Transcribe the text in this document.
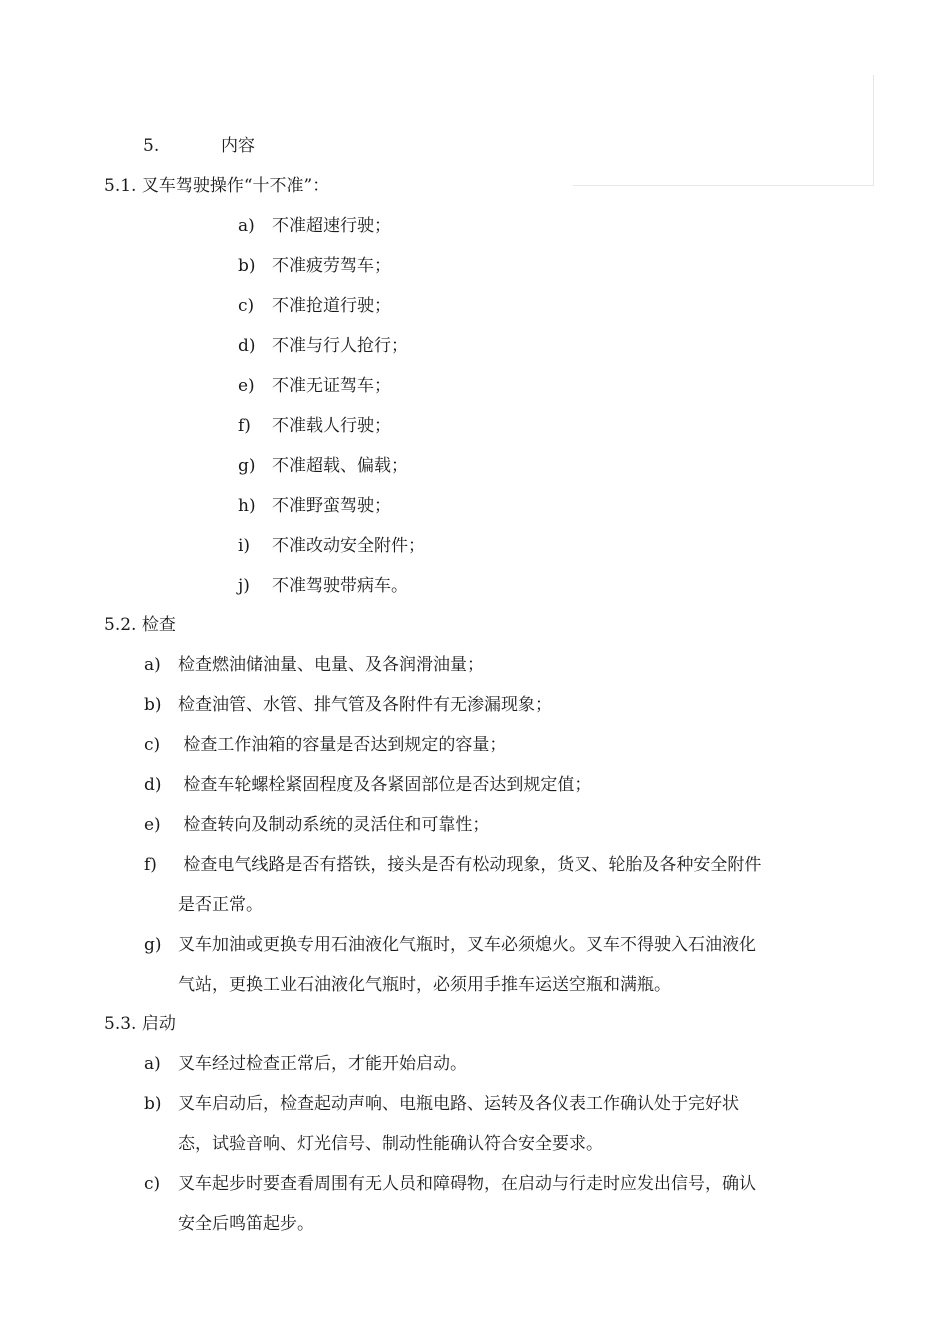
5.	内容
5.1. 叉车驾驶操作“十不准”：
a) 不准超速行驶；
b) 不准疲劳驾车；
c) 不准抢道行驶；
d) 不准与行人抢行；
e) 不准无证驾车；
f) 不准载人行驶；
g) 不准超载、偏载；
h) 不准野蛮驾驶；
i) 不准改动安全附件；
j) 不准驾驶带病车。
5.2. 检查
a) 检查燃油储油量、电量、及各润滑油量；
b) 检查油管、水管、排气管及各附件有无渗漏现象；
c) 检查工作油箱的容量是否达到规定的容量；
d) 检查车轮螺栓紧固程度及各紧固部位是否达到规定值；
e) 检查转向及制动系统的灵活住和可靠性；
f) 检查电气线路是否有搭铁，接头是否有松动现象，货叉、轮胎及各种安全附件
是否正常。
g) 叉车加油或更换专用石油液化气瓶时，叉车必须熄火。叉车不得驶入石油液化
气站，更换工业石油液化气瓶时，必须用手推车运送空瓶和满瓶。
5.3. 启动
a) 叉车经过检查正常后，才能开始启动。
b) 叉车启动后，检查起动声响、电瓶电路、运转及各仪表工作确认处于完好状
态，试验音响、灯光信号、制动性能确认符合安全要求。
c) 叉车起步时要查看周围有无人员和障碍物，在启动与行走时应发出信号，确认
安全后鸣笛起步。
